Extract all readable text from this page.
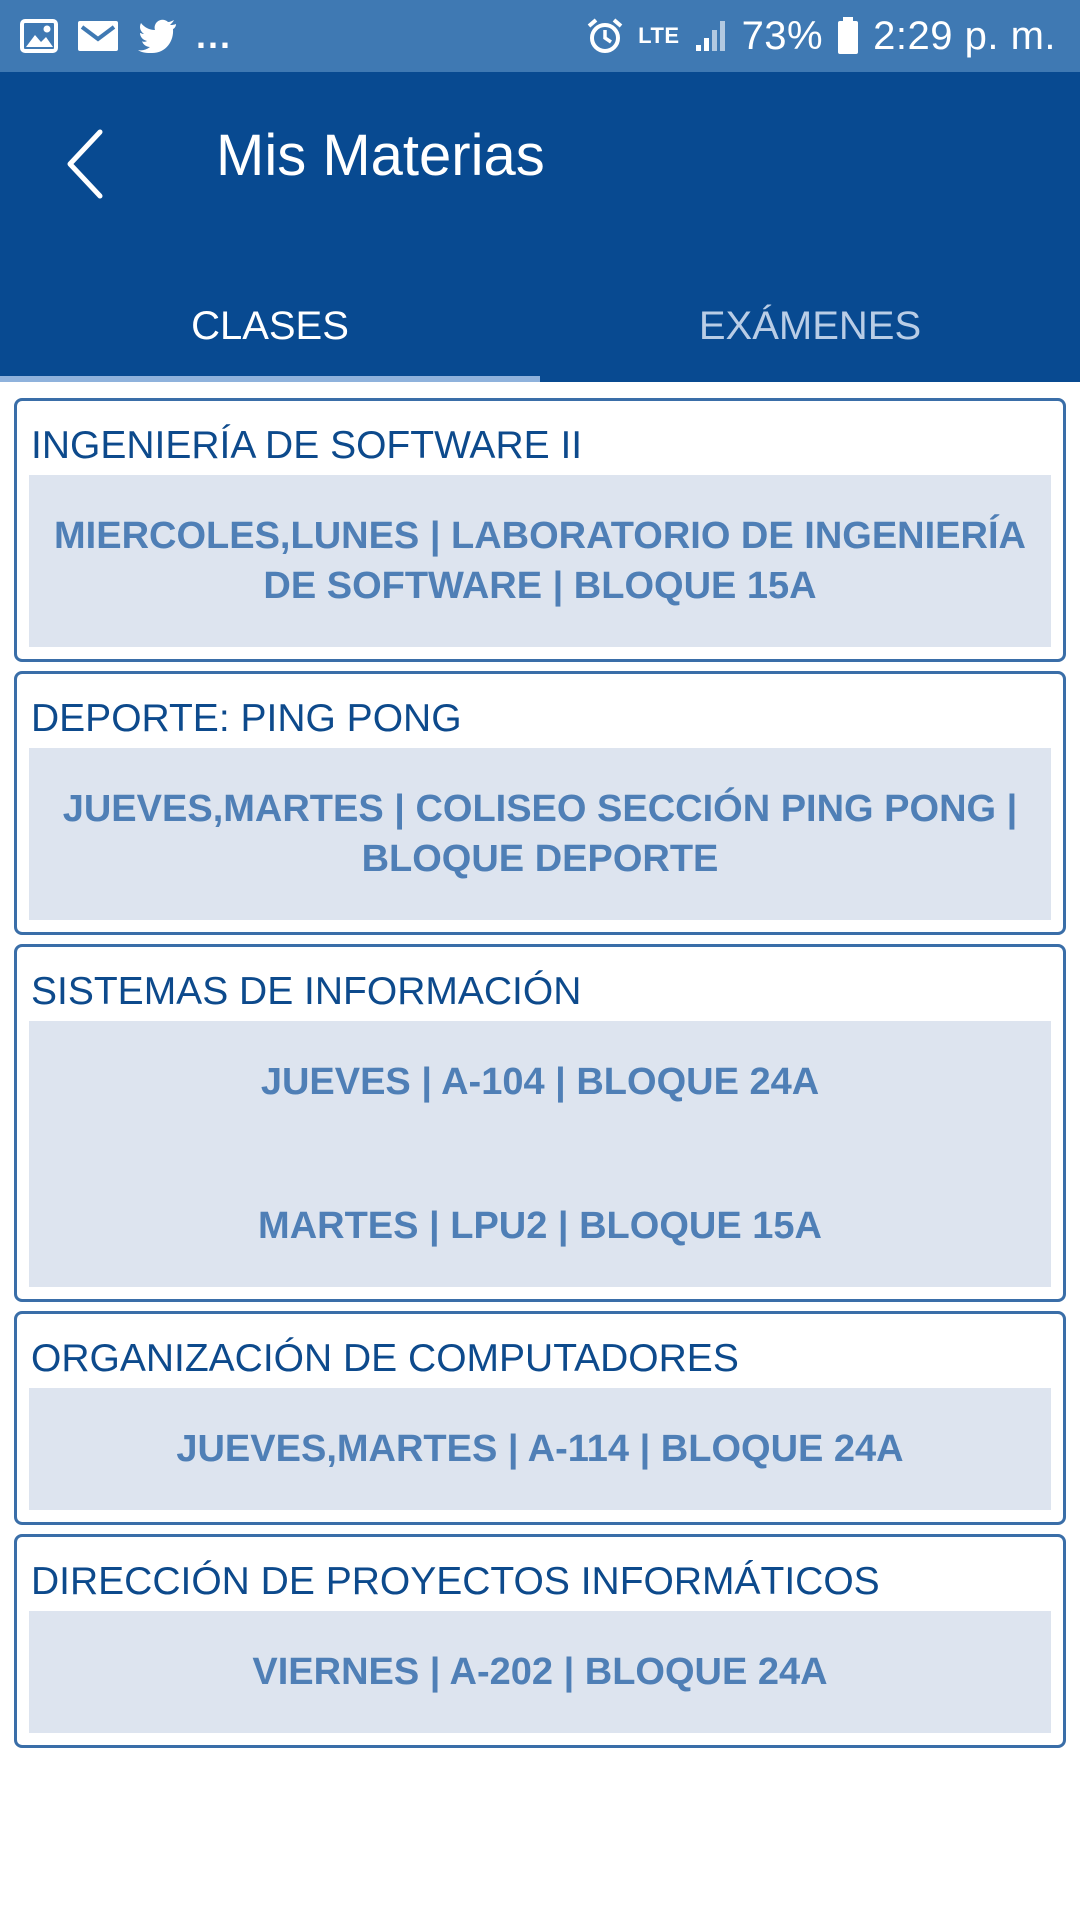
...	LTE 73% 2:29 p. m.
Mis Materias
CLASES	EXÁMENES
INGENIERÍA DE SOFTWARE II
MIERCOLES,LUNES | LABORATORIO DE INGENIERÍA DE SOFTWARE | BLOQUE 15A
DEPORTE: PING PONG
JUEVES,MARTES | COLISEO SECCIÓN PING PONG | BLOQUE DEPORTE
SISTEMAS DE INFORMACIÓN
JUEVES | A-104 | BLOQUE 24A
MARTES | LPU2 | BLOQUE 15A
ORGANIZACIÓN DE COMPUTADORES
JUEVES,MARTES | A-114 | BLOQUE 24A
DIRECCIÓN DE PROYECTOS INFORMÁTICOS
VIERNES | A-202 | BLOQUE 24A
